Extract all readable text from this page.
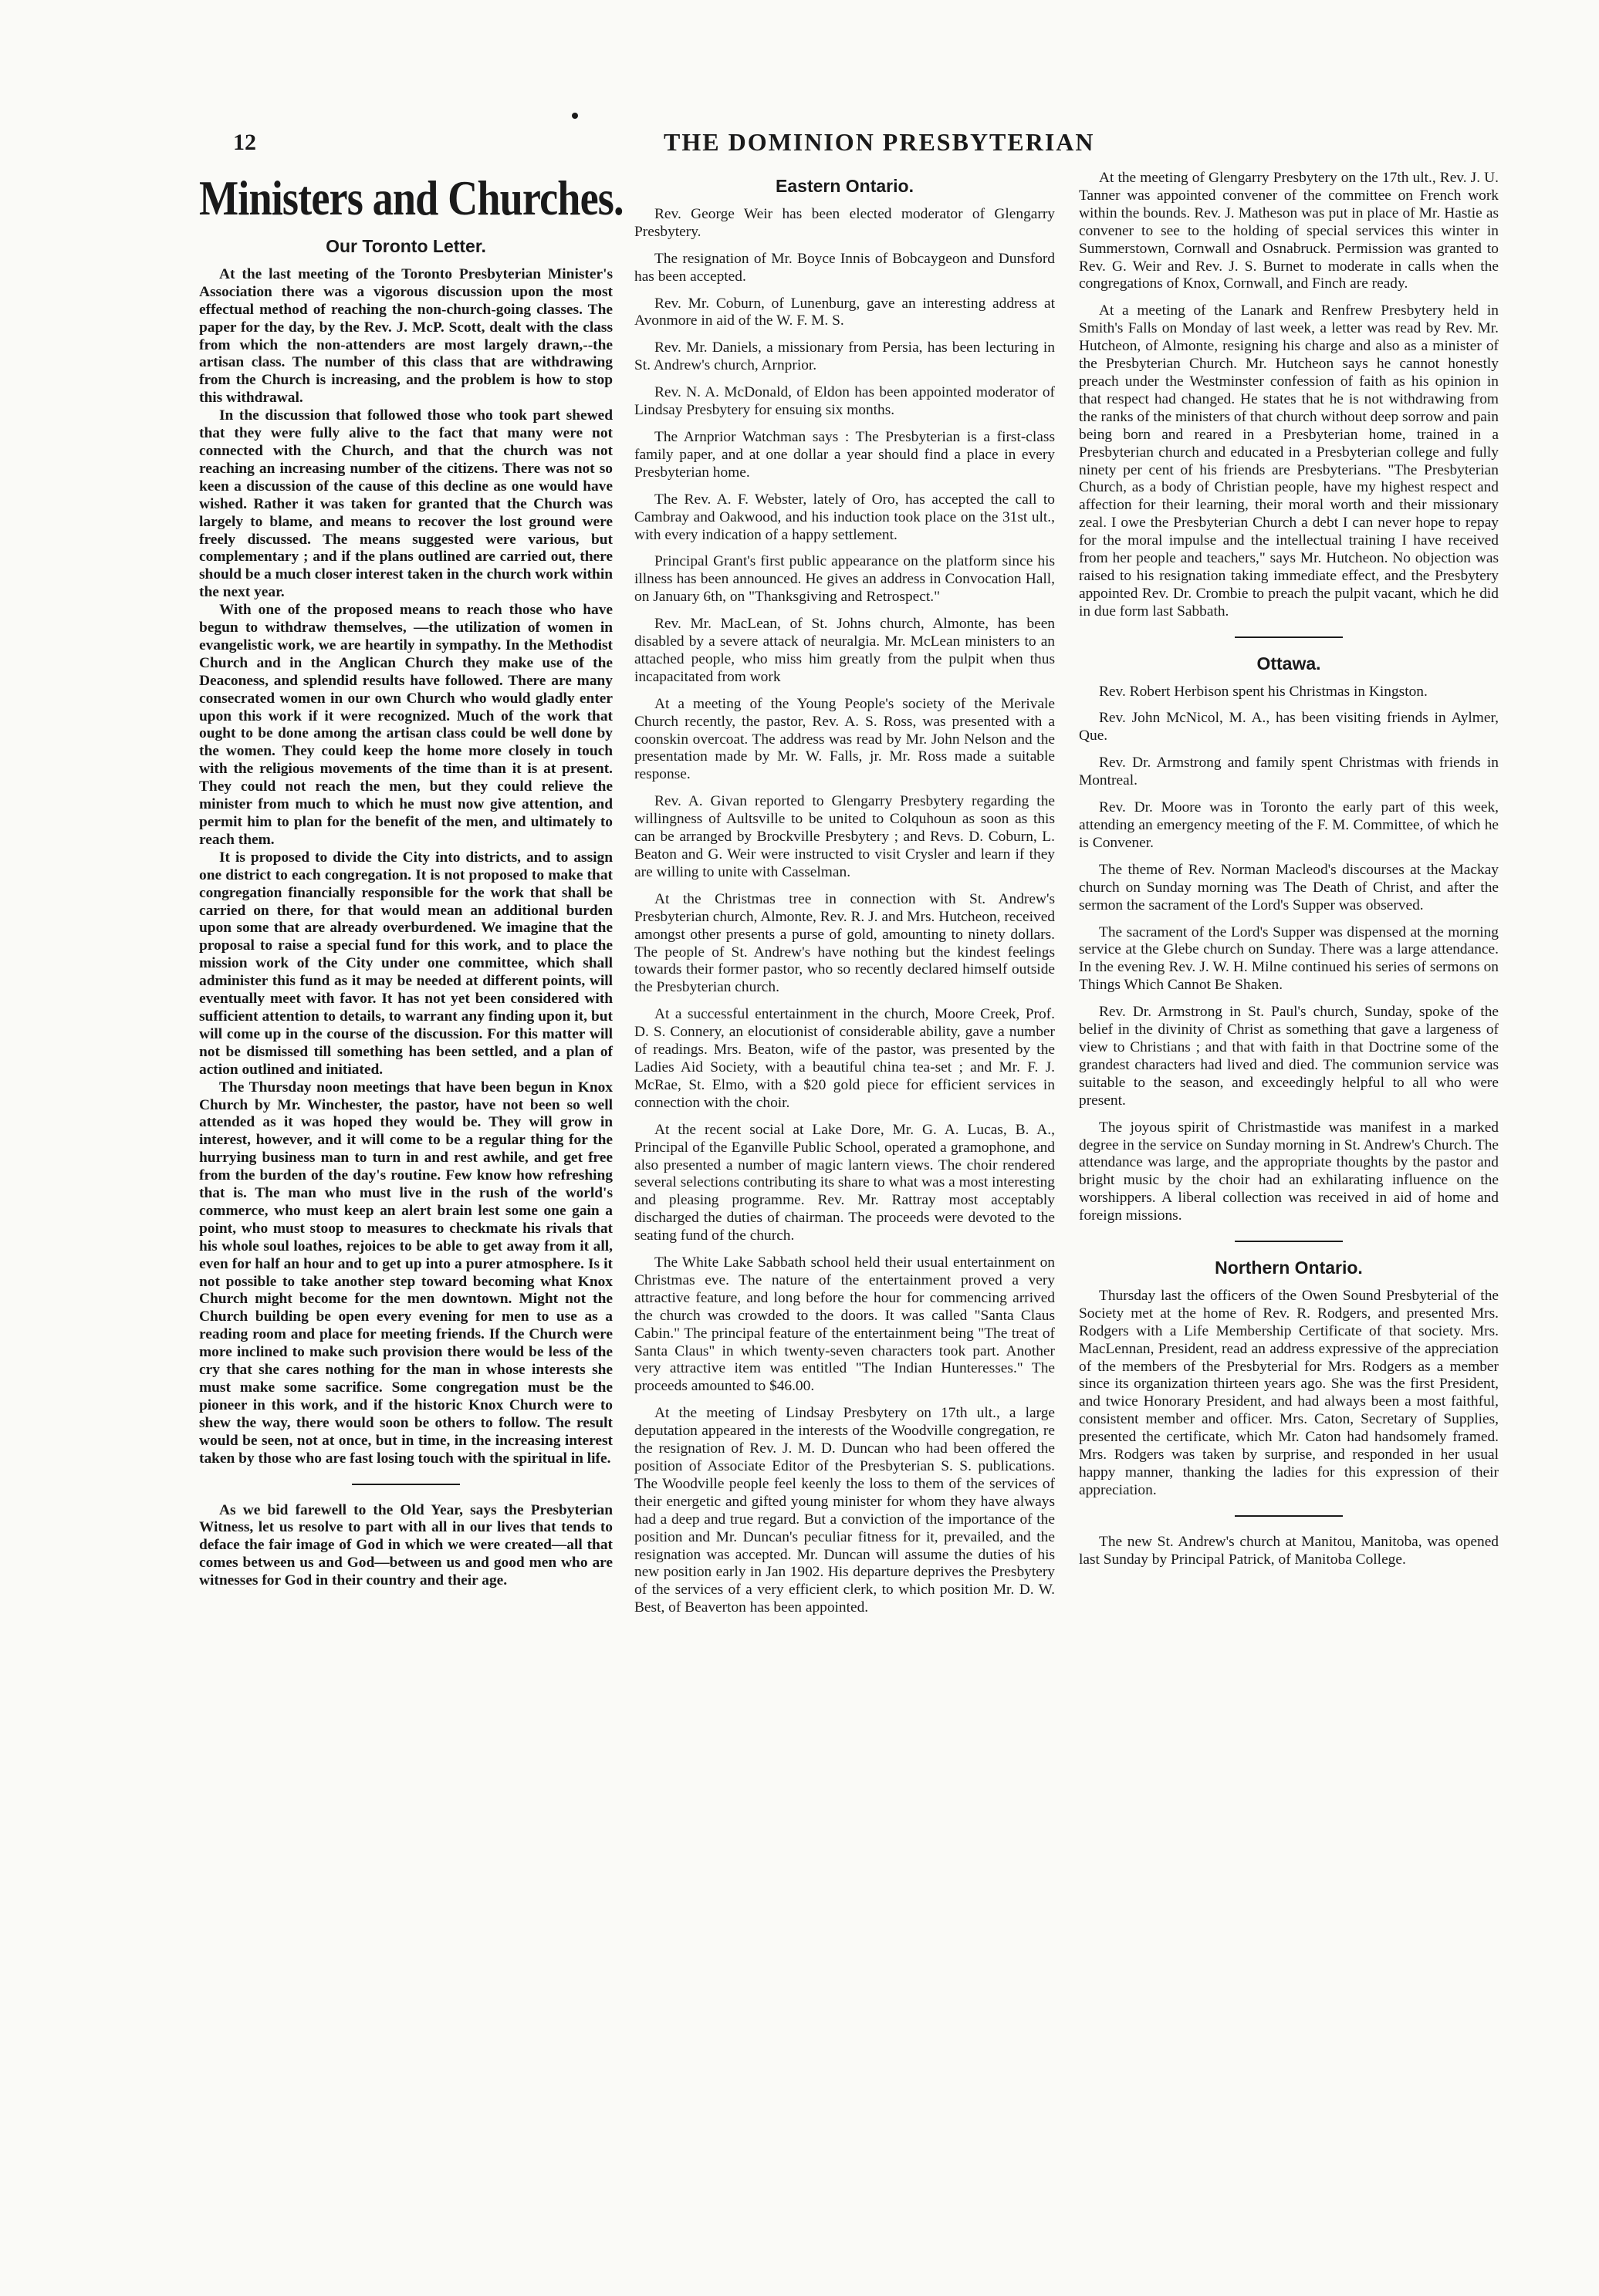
12	THE DOMINION PRESBYTERIAN
Ministers and Churches.
Our Toronto Letter.

At the last meeting of the Toronto Presbyterian Minister's Association there was a vigorous discussion upon the most effectual method of reaching the non-church-going classes. The paper for the day, by the Rev. J. McP. Scott, dealt with the class from which the non-attenders are most largely drawn,--the artisan class. The number of this class that are withdrawing from the Church is increasing, and the problem is how to stop this withdrawal.

In the discussion that followed those who took part shewed that they were fully alive to the fact that many were not connected with the Church, and that the church was not reaching an increasing number of the citizens. There was not so keen a discussion of the cause of this decline as one would have wished. Rather it was taken for granted that the Church was largely to blame, and means to recover the lost ground were freely discussed. The means suggested were various, but complementary ; and if the plans outlined are carried out, there should be a much closer interest taken in the church work within the next year.

With one of the proposed means to reach those who have begun to withdraw themselves, —the utilization of women in evangelistic work, we are heartily in sympathy. In the Methodist Church and in the Anglican Church they make use of the Deaconess, and splendid results have followed. There are many consecrated women in our own Church who would gladly enter upon this work if it were recognized. Much of the work that ought to be done among the artisan class could be well done by the women. They could keep the home more closely in touch with the religious movements of the time than it is at present. They could not reach the men, but they could relieve the minister from much to which he must now give attention, and permit him to plan for the benefit of the men, and ultimately to reach them.

It is proposed to divide the City into districts, and to assign one district to each congregation. It is not proposed to make that congregation financially responsible for the work that shall be carried on there, for that would mean an additional burden upon some that are already overburdened. We imagine that the proposal to raise a special fund for this work, and to place the mission work of the City under one committee, which shall administer this fund as it may be needed at different points, will eventually meet with favor. It has not yet been considered with sufficient attention to details, to warrant any finding upon it, but will come up in the course of the discussion. For this matter will not be dismissed till something has been settled, and a plan of action outlined and initiated.

The Thursday noon meetings that have been begun in Knox Church by Mr. Winchester, the pastor, have not been so well attended as it was hoped they would be. They will grow in interest, however, and it will come to be a regular thing for the hurrying business man to turn in and rest awhile, and get free from the burden of the day's routine. Few know how refreshing that is. The man who must live in the rush of the world's commerce, who must keep an alert brain lest some one gain a point, who must stoop to measures to checkmate his rivals that his whole soul loathes, rejoices to be able to get away from it all, even for half an hour and to get up into a purer atmosphere. Is it not possible to take another step toward becoming what Knox Church might become for the men downtown. Might not the Church building be open every evening for men to use as a reading room and place for meeting friends. If the Church were more inclined to make such provision there would be less of the cry that she cares nothing for the man in whose interests she must make some sacrifice. Some congregation must be the pioneer in this work, and if the historic Knox Church were to shew the way, there would soon be others to follow. The result would be seen, not at once, but in time, in the increasing interest taken by those who are fast losing touch with the spiritual in life.

As we bid farewell to the Old Year, says the Presbyterian Witness, let us resolve to part with all in our lives that tends to deface the fair image of God in which we were created—all that comes between us and God—between us and good men who are witnesses for God in their country and their age.

Eastern Ontario.

Rev. George Weir has been elected moderator of Glengarry Presbytery.

The resignation of Mr. Boyce Innis of Bobcaygeon and Dunsford has been accepted.

Rev. Mr. Coburn, of Lunenburg, gave an interesting address at Avonmore in aid of the W. F. M. S.

Rev. Mr. Daniels, a missionary from Persia, has been lecturing in St. Andrew's church, Arnprior.

Rev. N. A. McDonald, of Eldon has been appointed moderator of Lindsay Presbytery for ensuing six months.

The Arnprior Watchman says : The Presbyterian is a first-class family paper, and at one dollar a year should find a place in every Presbyterian home.

The Rev. A. F. Webster, lately of Oro, has accepted the call to Cambray and Oakwood, and his induction took place on the 31st ult., with every indication of a happy settlement.

Principal Grant's first public appearance on the platform since his illness has been announced. He gives an address in Convocation Hall, on January 6th, on "Thanksgiving and Retrospect."

Rev. Mr. MacLean, of St. Johns church, Almonte, has been disabled by a severe attack of neuralgia. Mr. McLean ministers to an attached people, who miss him greatly from the pulpit when thus incapacitated from work

At a meeting of the Young People's society of the Merivale Church recently, the pastor, Rev. A. S. Ross, was presented with a coonskin overcoat. The address was read by Mr. John Nelson and the presentation made by Mr. W. Falls, jr. Mr. Ross made a suitable response.

Rev. A. Givan reported to Glengarry Presbytery regarding the willingness of Aultsville to be united to Colquhoun as soon as this can be arranged by Brockville Presbytery ; and Revs. D. Coburn, L. Beaton and G. Weir were instructed to visit Crysler and learn if they are willing to unite with Casselman.

At the Christmas tree in connection with St. Andrew's Presbyterian church, Almonte, Rev. R. J. and Mrs. Hutcheon, received amongst other presents a purse of gold, amounting to ninety dollars. The people of St. Andrew's have nothing but the kindest feelings towards their former pastor, who so recently declared himself outside the Presbyterian church.

At a successful entertainment in the church, Moore Creek, Prof. D. S. Connery, an elocutionist of considerable ability, gave a number of readings. Mrs. Beaton, wife of the pastor, was presented by the Ladies Aid Society, with a beautiful china tea-set ; and Mr. F. J. McRae, St. Elmo, with a $20 gold piece for efficient services in connection with the choir.

At the recent social at Lake Dore, Mr. G. A. Lucas, B. A., Principal of the Eganville Public School, operated a gramophone, and also presented a number of magic lantern views. The choir rendered several selections contributing its share to what was a most interesting and pleasing programme. Rev. Mr. Rattray most acceptably discharged the duties of chairman. The proceeds were devoted to the seating fund of the church.

The White Lake Sabbath school held their usual entertainment on Christmas eve. The nature of the entertainment proved a very attractive feature, and long before the hour for commencing arrived the church was crowded to the doors. It was called "Santa Claus Cabin." The principal feature of the entertainment being "The treat of Santa Claus" in which twenty-seven characters took part. Another very attractive item was entitled "The Indian Hunteresses." The proceeds amounted to $46.00.

At the meeting of Lindsay Presbytery on 17th ult., a large deputation appeared in the interests of the Woodville congregation, re the resignation of Rev. J. M. D. Duncan who had been offered the position of Associate Editor of the Presbyterian S. S. publications. The Woodville people feel keenly the loss to them of the services of their energetic and gifted young minister for whom they have always had a deep and true regard. But a conviction of the importance of the position and Mr. Duncan's peculiar fitness for it, prevailed, and the resignation was accepted. Mr. Duncan will assume the duties of his new position early in Jan 1902. His departure deprives the Presbytery of the services of a very efficient clerk, to which position Mr. D. W. Best, of Beaverton has been appointed.

At the meeting of Glengarry Presbytery on the 17th ult., Rev. J. U. Tanner was appointed convener of the committee on French work within the bounds. Rev. J. Matheson was put in place of Mr. Hastie as convener to see to the holding of special services this winter in Summerstown, Cornwall and Osnabruck. Permission was granted to Rev. G. Weir and Rev. J. S. Burnet to moderate in calls when the congregations of Knox, Cornwall, and Finch are ready.

At a meeting of the Lanark and Renfrew Presbytery held in Smith's Falls on Monday of last week, a letter was read by Rev. Mr. Hutcheon, of Almonte, resigning his charge and also as a minister of the Presbyterian Church. Mr. Hutcheon says he cannot honestly preach under the Westminster confession of faith as his opinion in that respect had changed. He states that he is not withdrawing from the ranks of the ministers of that church without deep sorrow and pain being born and reared in a Presbyterian home, trained in a Presbyterian church and educated in a Presbyterian college and fully ninety per cent of his friends are Presbyterians. "The Presbyterian Church, as a body of Christian people, have my highest respect and affection for their learning, their moral worth and their missionary zeal. I owe the Presbyterian Church a debt I can never hope to repay for the moral impulse and the intellectual training I have received from her people and teachers," says Mr. Hutcheon. No objection was raised to his resignation taking immediate effect, and the Presbytery appointed Rev. Dr. Crombie to preach the pulpit vacant, which he did in due form last Sabbath.

Ottawa.

Rev. Robert Herbison spent his Christmas in Kingston.

Rev. John McNicol, M. A., has been visiting friends in Aylmer, Que.

Rev. Dr. Armstrong and family spent Christmas with friends in Montreal.

Rev. Dr. Moore was in Toronto the early part of this week, attending an emergency meeting of the F. M. Committee, of which he is Convener.

The theme of Rev. Norman Macleod's discourses at the Mackay church on Sunday morning was The Death of Christ, and after the sermon the sacrament of the Lord's Supper was observed.

The sacrament of the Lord's Supper was dispensed at the morning service at the Glebe church on Sunday. There was a large attendance. In the evening Rev. J. W. H. Milne continued his series of sermons on Things Which Cannot Be Shaken.

Rev. Dr. Armstrong in St. Paul's church, Sunday, spoke of the belief in the divinity of Christ as something that gave a largeness of view to Christians ; and that with faith in that Doctrine some of the grandest characters had lived and died. The communion service was suitable to the season, and exceedingly helpful to all who were present.

The joyous spirit of Christmastide was manifest in a marked degree in the service on Sunday morning in St. Andrew's Church. The attendance was large, and the appropriate thoughts by the pastor and bright music by the choir had an exhilarating influence on the worshippers. A liberal collection was received in aid of home and foreign missions.

Northern Ontario.

Thursday last the officers of the Owen Sound Presbyterial of the Society met at the home of Rev. R. Rodgers, and presented Mrs. Rodgers with a Life Membership Certificate of that society. Mrs. MacLennan, President, read an address expressive of the appreciation of the members of the Presbyterial for Mrs. Rodgers as a member since its organization thirteen years ago. She was the first President, and twice Honorary President, and had always been a most faithful, consistent member and officer. Mrs. Caton, Secretary of Supplies, presented the certificate, which Mr. Caton had handsomely framed. Mrs. Rodgers was taken by surprise, and responded in her usual happy manner, thanking the ladies for this expression of their appreciation.

The new St. Andrew's church at Manitou, Manitoba, was opened last Sunday by Principal Patrick, of Manitoba College.
